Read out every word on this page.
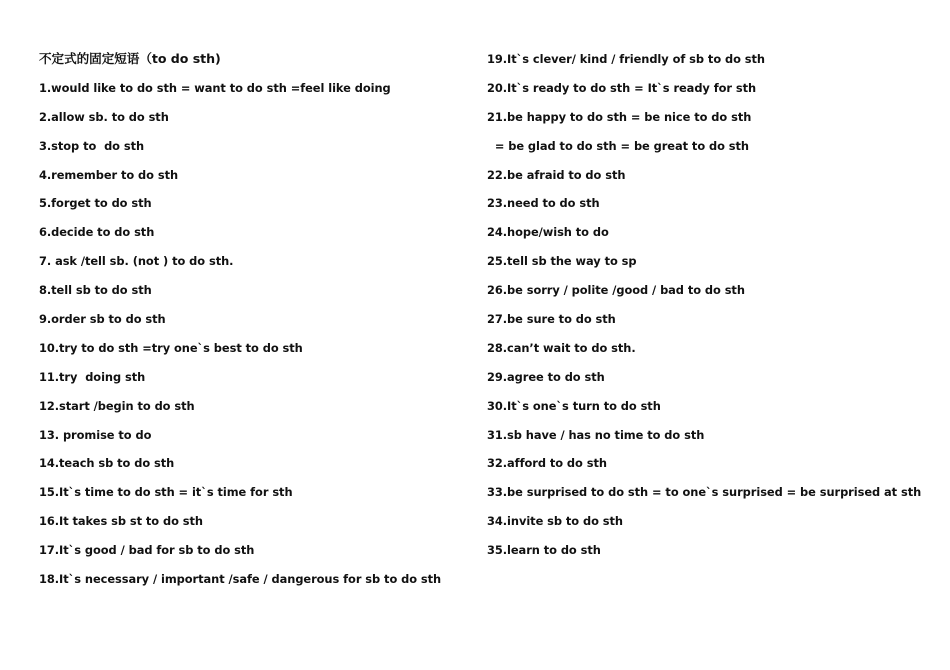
不定式的固定短语（to do sth)
1.would like to do sth = want to do sth =feel like doing
2.allow sb. to do sth
3.stop to  do sth
4.remember to do sth
5.forget to do sth
6.decide to do sth
7. ask /tell sb. (not ) to do sth.
8.tell sb to do sth
9.order sb to do sth
10.try to do sth =try one`s best to do sth
11.try  doing sth
12.start /begin to do sth
13. promise to do
14.teach sb to do sth
15.It`s time to do sth = it`s time for sth
16.It takes sb st to do sth
17.It`s good / bad for sb to do sth
18.It`s necessary / important /safe / dangerous for sb to do sth
19.It`s clever/ kind / friendly of sb to do sth
20.It`s ready to do sth = It`s ready for sth
21.be happy to do sth = be nice to do sth
= be glad to do sth = be great to do sth
22.be afraid to do sth
23.need to do sth
24.hope/wish to do
25.tell sb the way to sp
26.be sorry / polite /good / bad to do sth
27.be sure to do sth
28.can’t wait to do sth.
29.agree to do sth
30.It`s one`s turn to do sth
31.sb have / has no time to do sth
32.afford to do sth
33.be surprised to do sth = to one`s surprised = be surprised at sth
34.invite sb to do sth
35.learn to do sth
